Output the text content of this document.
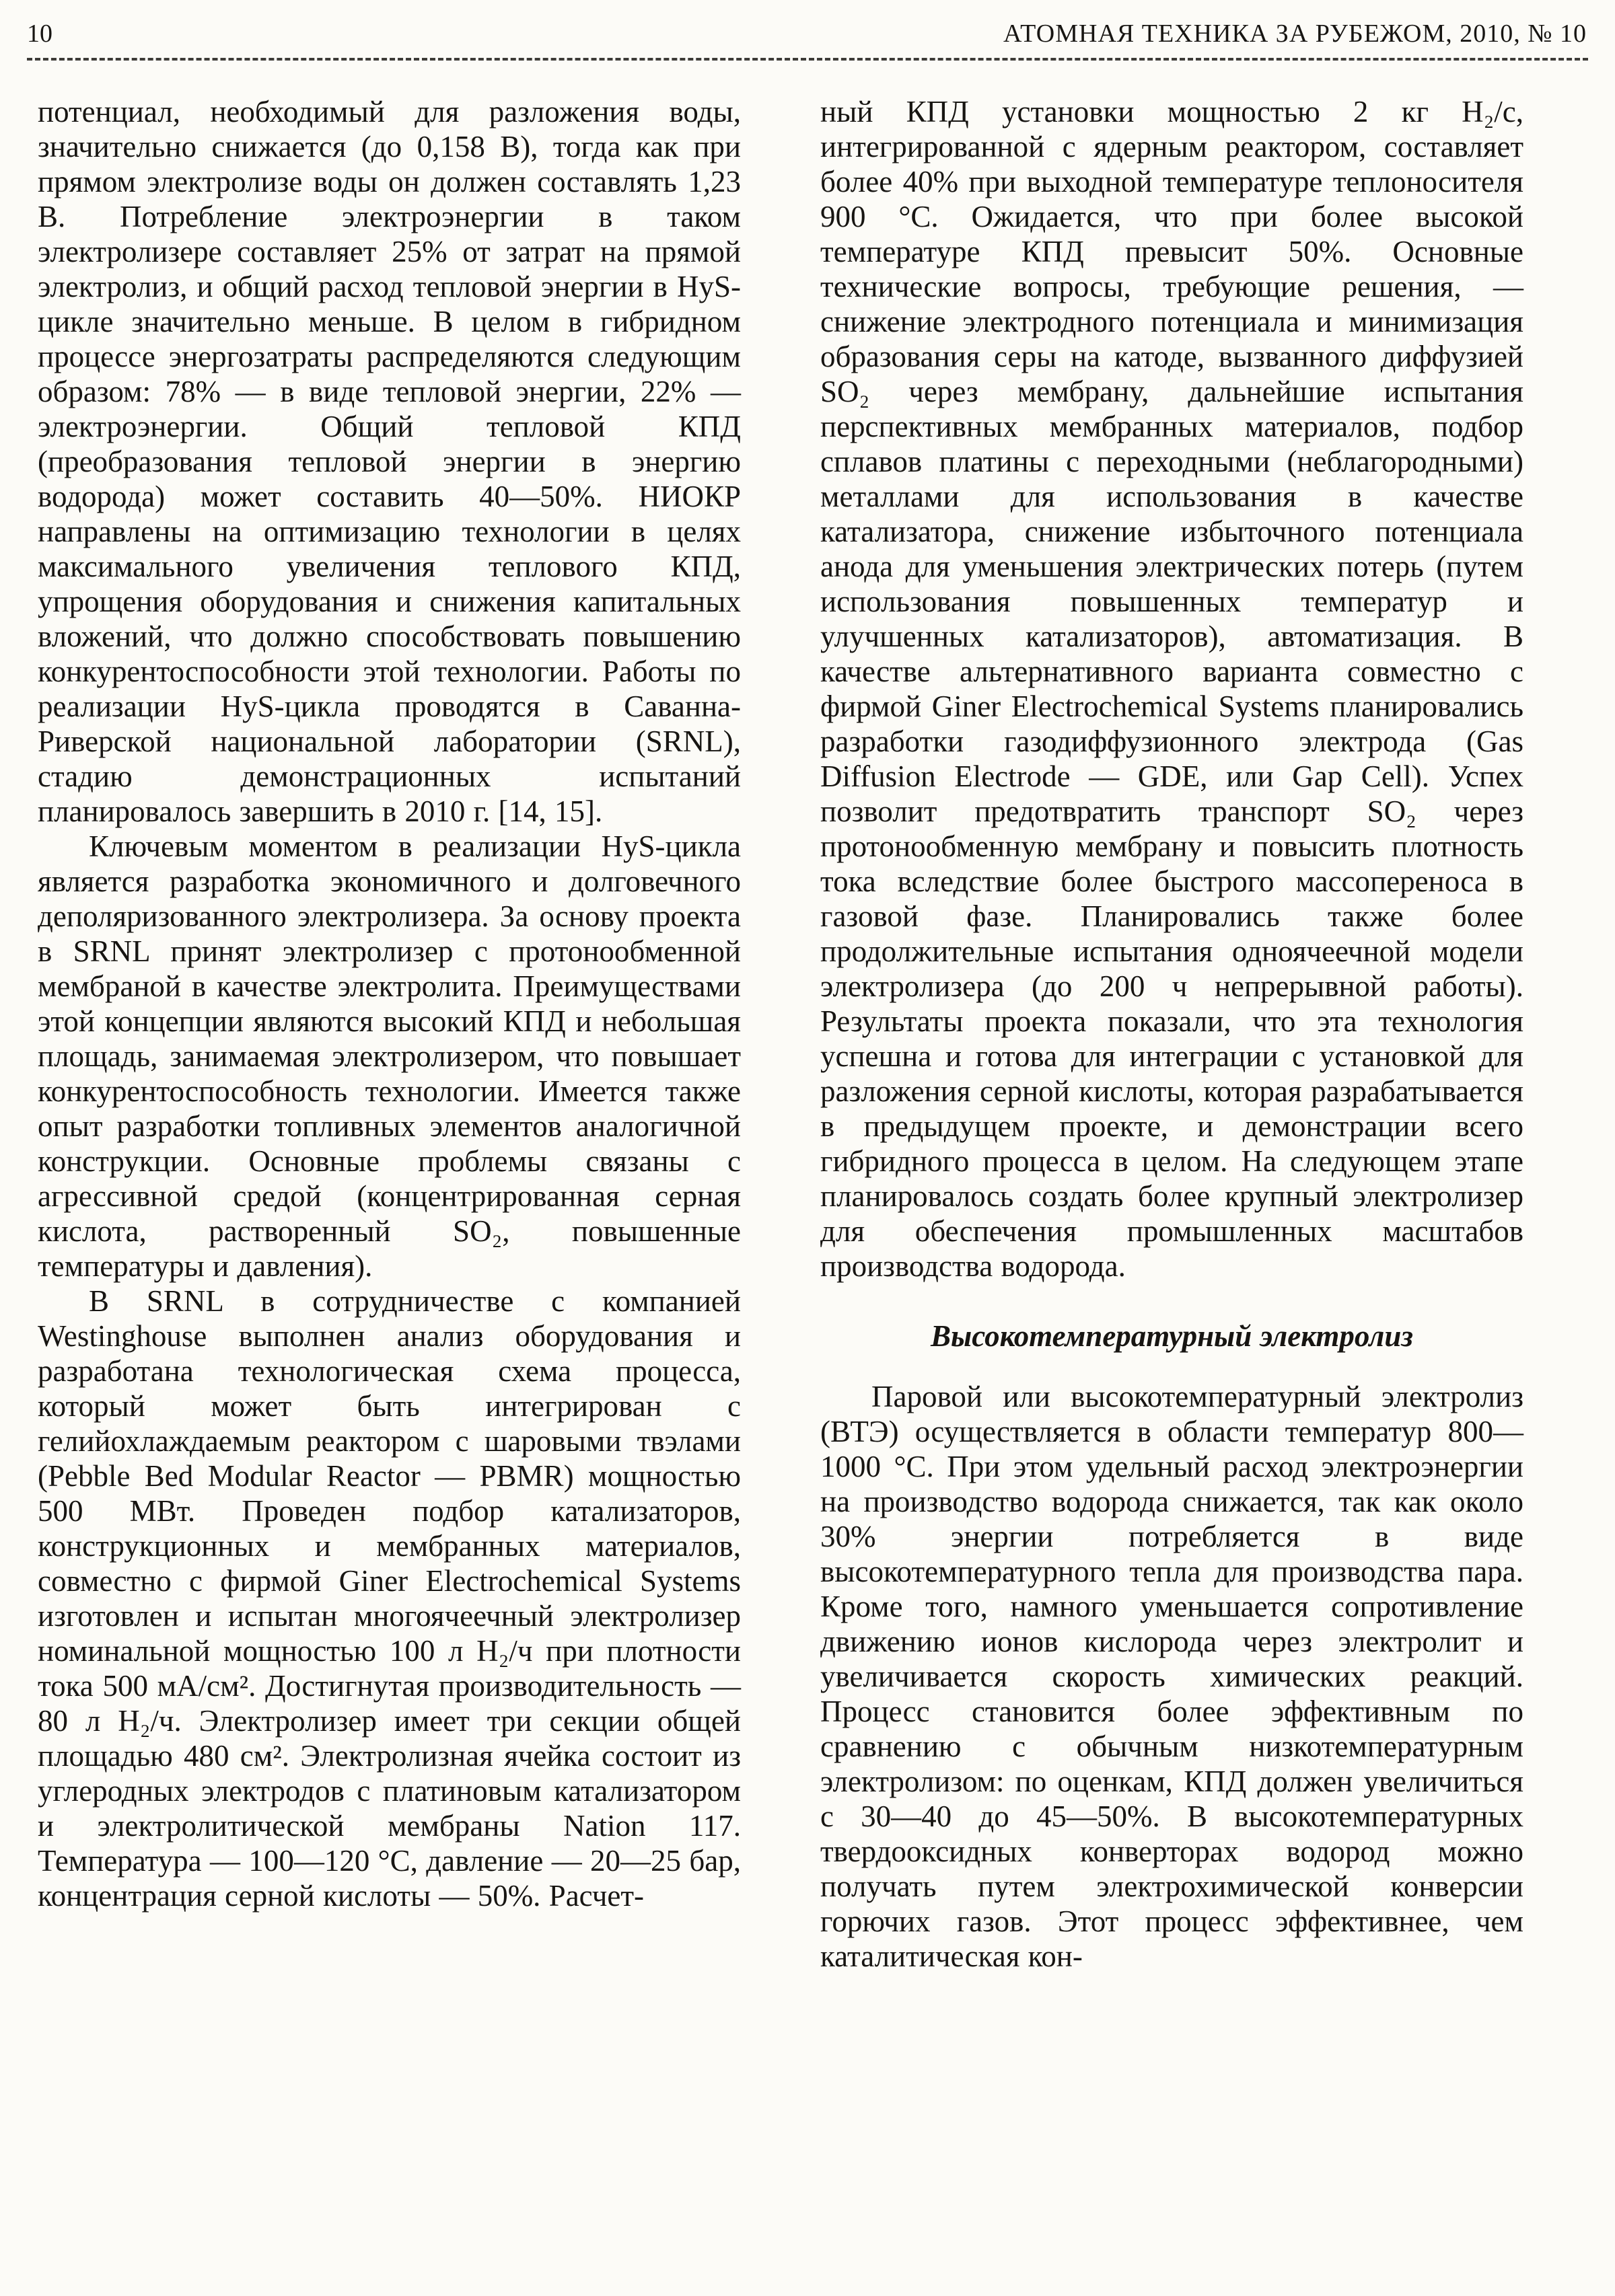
10	АТОМНАЯ ТЕХНИКА ЗА РУБЕЖОМ, 2010, № 10

потенциал, необходимый для разложения воды, значительно снижается (до 0,158 В), тогда как при прямом электролизе воды он должен составлять 1,23 В. Потребление электроэнергии в таком электролизере составляет 25% от затрат на прямой электролиз, и общий расход тепловой энергии в HyS-цикле значительно меньше. В целом в гибридном процессе энергозатраты распределяются следующим образом: 78% — в виде тепловой энергии, 22% — электроэнергии. Общий тепловой КПД (преобразования тепловой энергии в энергию водорода) может составить 40—50%. НИОКР направлены на оптимизацию технологии в целях максимального увеличения теплового КПД, упрощения оборудования и снижения капитальных вложений, что должно способствовать повышению конкурентоспособности этой технологии. Работы по реализации HyS-цикла проводятся в Саванна-Риверской национальной лаборатории (SRNL), стадию демонстрационных испытаний планировалось завершить в 2010 г. [14, 15].

Ключевым моментом в реализации HyS-цикла является разработка экономичного и долговечного деполяризованного электролизера. За основу проекта в SRNL принят электролизер с протонообменной мембраной в качестве электролита. Преимуществами этой концепции являются высокий КПД и небольшая площадь, занимаемая электролизером, что повышает конкурентоспособность технологии. Имеется также опыт разработки топливных элементов аналогичной конструкции. Основные проблемы связаны с агрессивной средой (концентрированная серная кислота, растворенный SO₂, повышенные температуры и давления).

В SRNL в сотрудничестве с компанией Westinghouse выполнен анализ оборудования и разработана технологическая схема процесса, который может быть интегрирован с гелийохлаждаемым реактором с шаровыми твэлами (Pebble Bed Modular Reactor — PBMR) мощностью 500 МВт. Проведен подбор катализаторов, конструкционных и мембранных материалов, совместно с фирмой Giner Electrochemical Systems изготовлен и испытан многоячеечный электролизер номинальной мощностью 100 л H₂/ч при плотности тока 500 мА/см². Достигнутая производительность — 80 л H₂/ч. Электролизер имеет три секции общей площадью 480 см². Электролизная ячейка состоит из углеродных электродов с платиновым катализатором и электролитической мембраны Nation 117. Температура — 100—120 °C, давление — 20—25 бар, концентрация серной кислоты — 50%. Расчет-

ный КПД установки мощностью 2 кг H₂/с, интегрированной с ядерным реактором, составляет более 40% при выходной температуре теплоносителя 900 °C. Ожидается, что при более высокой температуре КПД превысит 50%. Основные технические вопросы, требующие решения, — снижение электродного потенциала и минимизация образования серы на катоде, вызванного диффузией SO₂ через мембрану, дальнейшие испытания перспективных мембранных материалов, подбор сплавов платины с переходными (неблагородными) металлами для использования в качестве катализатора, снижение избыточного потенциала анода для уменьшения электрических потерь (путем использования повышенных температур и улучшенных катализаторов), автоматизация. В качестве альтернативного варианта совместно с фирмой Giner Electrochemical Systems планировались разработки газодиффузионного электрода (Gas Diffusion Electrode — GDE, или Gap Cell). Успех позволит предотвратить транспорт SO₂ через протонообменную мембрану и повысить плотность тока вследствие более быстрого массопереноса в газовой фазе. Планировались также более продолжительные испытания одноячеечной модели электролизера (до 200 ч непрерывной работы). Результаты проекта показали, что эта технология успешна и готова для интеграции с установкой для разложения серной кислоты, которая разрабатывается в предыдущем проекте, и демонстрации всего гибридного процесса в целом. На следующем этапе планировалось создать более крупный электролизер для обеспечения промышленных масштабов производства водорода.

Высокотемпературный электролиз

Паровой или высокотемпературный электролиз (ВТЭ) осуществляется в области температур 800—1000 °C. При этом удельный расход электроэнергии на производство водорода снижается, так как около 30% энергии потребляется в виде высокотемпературного тепла для производства пара. Кроме того, намного уменьшается сопротивление движению ионов кислорода через электролит и увеличивается скорость химических реакций. Процесс становится более эффективным по сравнению с обычным низкотемпературным электролизом: по оценкам, КПД должен увеличиться с 30—40 до 45—50%. В высокотемпературных твердооксидных конверторах водород можно получать путем электрохимической конверсии горючих газов. Этот процесс эффективнее, чем каталитическая кон-
